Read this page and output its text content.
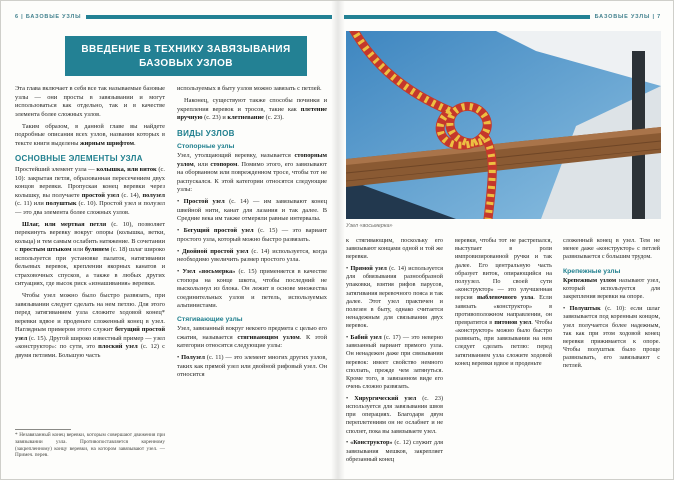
6 | БАЗОВЫЕ УЗЛЫ	БАЗОВЫЕ УЗЛЫ | 7
ВВЕДЕНИЕ В ТЕХНИКУ ЗАВЯЗЫВАНИЯ
БАЗОВЫХ УЗЛОВ

Эта глава включает в себя все так называемые базовые узлы — они просты в завязывании и могут использоваться как отдельно, так и в качестве элемента более сложных узлов.

Таким образом, в данной главе вы найдете подробные описания всех узлов, названия которых в тексте книги выделены жирным шрифтом.

ОСНОВНЫЕ ЭЛЕМЕНТЫ УЗЛА

Простейший элемент узла — колышка, или виток (с. 10): закрытая петля, образованная пересечением двух концов веревки. Пропуская конец веревки через колышку, вы получаете простой узел (с. 14), полузел (с. 11) или полуштык (с. 10). Простой узел и полузел — это два элемента более сложных узлов.

Шлаг, или мертвая петля (с. 10), позволяет перекинуть веревку вокруг опоры (колышка, ветки, кольца) и тем самым ослабить натяжение. В сочетании с простым штыком или булинем (с. 18) шлаг широко используется при установке палаток, натягивании бельевых веревок, креплении якорных канатов и страховочных спусков, а также в любых других ситуациях, где высок риск «изнашивания» веревки.

Чтобы узел можно было быстро развязать, при завязывании следует сделать на нем петлю. Для этого перед затягиванием узла сложите ходовой конец* веревки вдвое и проденьте сложенный конец в узел. Наглядным примером этого служит бегущий простой узел (с. 15). Другой широко известный пример — узел «конструктор»: по сути, это плоский узел (с. 12) с двумя петлями. Большую часть

* Незавязанный конец веревки, которым совершают движения при завязывании узла. Противопоставляется коренному (закрепленному) концу веревки, на котором завязывают узел. — Примеч. перев.

используемых в быту узлов можно завязать с петлей.

Наконец, существуют также способы починки и укрепления веревок и тросов, такие как плетение вручную (с. 23) и клетневание (с. 23).

ВИДЫ УЗЛОВ
Стопорные узлы

Узел, утолщающий веревку, называется стопорным узлом, или стопором. Помимо этого, его завязывают на оборванном или поврежденном тросе, чтобы тот не распускался. К этой категории относятся следующие узлы:

• Простой узел (с. 14) — им завязывают конец швейной нити, канат для лазания и так далее. В Средние века им также отмеряли равные интервалы.

• Бегущий простой узел (с. 15) — это вариант простого узла, который можно быстро развязать.

• Двойной простой узел (с. 14) используется, когда необходимо увеличить размер простого узла.

• Узел «восьмерка» (с. 15) применяется в качестве стопора на конце шкота, чтобы последний не выскользнул из блока. Он лежит в основе множества соединительных узлов и петель, используемых альпинистами.

Стягивающие узлы

Узел, завязанный вокруг некоего предмета с целью его сжатия, называется стягивающим узлом. К этой категории относятся следующие узлы:

• Полузел (с. 11) — это элемент многих других узлов, таких как прямой узел или двойной рифовый узел. Он относится

Узел «восьмерка»

к стягивающим, поскольку его завязывают концами одной и той же веревки.

• Прямой узел (с. 14) используется для обвязывания разнообразной упаковки, взятия рифов парусов, затягивания веревочного пояса и так далее. Этот узел практичен и полезен в быту, однако считается ненадежным для связывания двух веревок.

• Бабий узел (с. 17) — это неверно завязанный вариант прямого узла. Он ненадежен даже при связывании веревок: имеет свойство немного сползать, прежде чем затянуться. Кроме того, в завязанном виде его очень сложно развязать.

• Хирургический узел (с. 23) используется для завязывания швов при операциях. Благодаря двум переплетениям он не ослабнет и не сползет, пока вы завязываете узел.

• «Конструктор» (с. 12) служит для завязывания мешков, закрепляет обрезанный конец

веревки, чтобы тот не растрепался, выступает в роли импровизированной ручки и так далее. Его центральную часть образует виток, опирающийся на полуузел. По своей сути «конструктор» — это улучшенная версия выбленочного узла. Если завязать «конструктор» в противоположном направлении, он превратится в питонов узел. Чтобы «конструктор» можно было быстро развязать, при завязывании на нем следует сделать петлю: перед затягиванием узла сложите ходовой конец веревки вдвое и проденьте

сложенный конец в узел. Тем не менее даже «конструктор» с петлей развязывается с большим трудом.

Крепежные узлы

Крепежным узлом называют узел, который используется для закрепления веревки на опоре.

• Полуштык (с. 10): если шлаг завязывается под коренным концом, узел получается более надежным, так как при этом ходовой конец веревки прижимается к опоре. Чтобы полуштык было проще развязывать, его завязывают с петлей.
